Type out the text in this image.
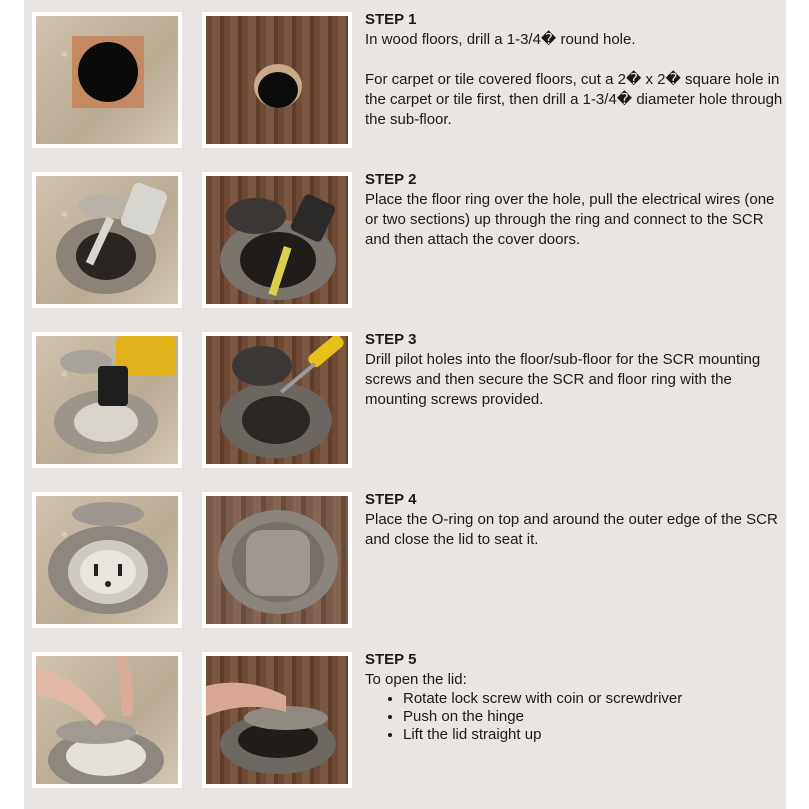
STEP 1

In wood floors, drill a 1-3/4� round hole.

For carpet or tile covered floors, cut a 2� x 2� square hole in the carpet or tile first, then drill a 1-3/4� diameter hole through the sub-floor.

STEP 2

Place the floor ring over the hole, pull the electrical wires (one or two sections) up through the ring and connect to the SCR and then attach the cover doors.

STEP 3

Drill pilot holes into the floor/sub-floor for the SCR mounting screws and then secure the SCR and floor ring with the mounting screws provided.

STEP 4

Place the O-ring on top and around the outer edge of the SCR and close the lid to seat it.

STEP 5

To open the lid:

• Rotate lock screw with coin or screwdriver
• Push on the hinge
• Lift the lid straight up
